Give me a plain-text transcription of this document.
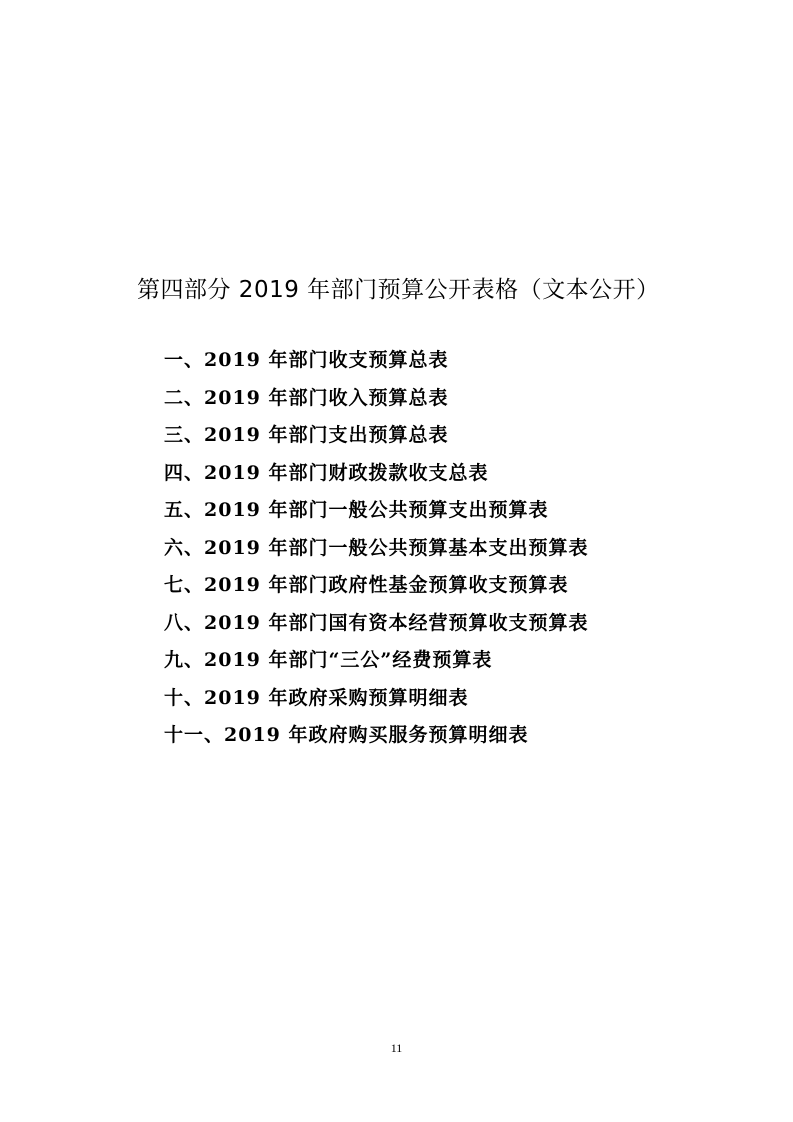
第四部分 2019 年部门预算公开表格（文本公开）
一、2019 年部门收支预算总表
二、2019 年部门收入预算总表
三、2019 年部门支出预算总表
四、2019 年部门财政拨款收支总表
五、2019 年部门一般公共预算支出预算表
六、2019 年部门一般公共预算基本支出预算表
七、2019 年部门政府性基金预算收支预算表
八、2019 年部门国有资本经营预算收支预算表
九、2019 年部门“三公”经费预算表
十、2019 年政府采购预算明细表
十一、2019 年政府购买服务预算明细表
11
